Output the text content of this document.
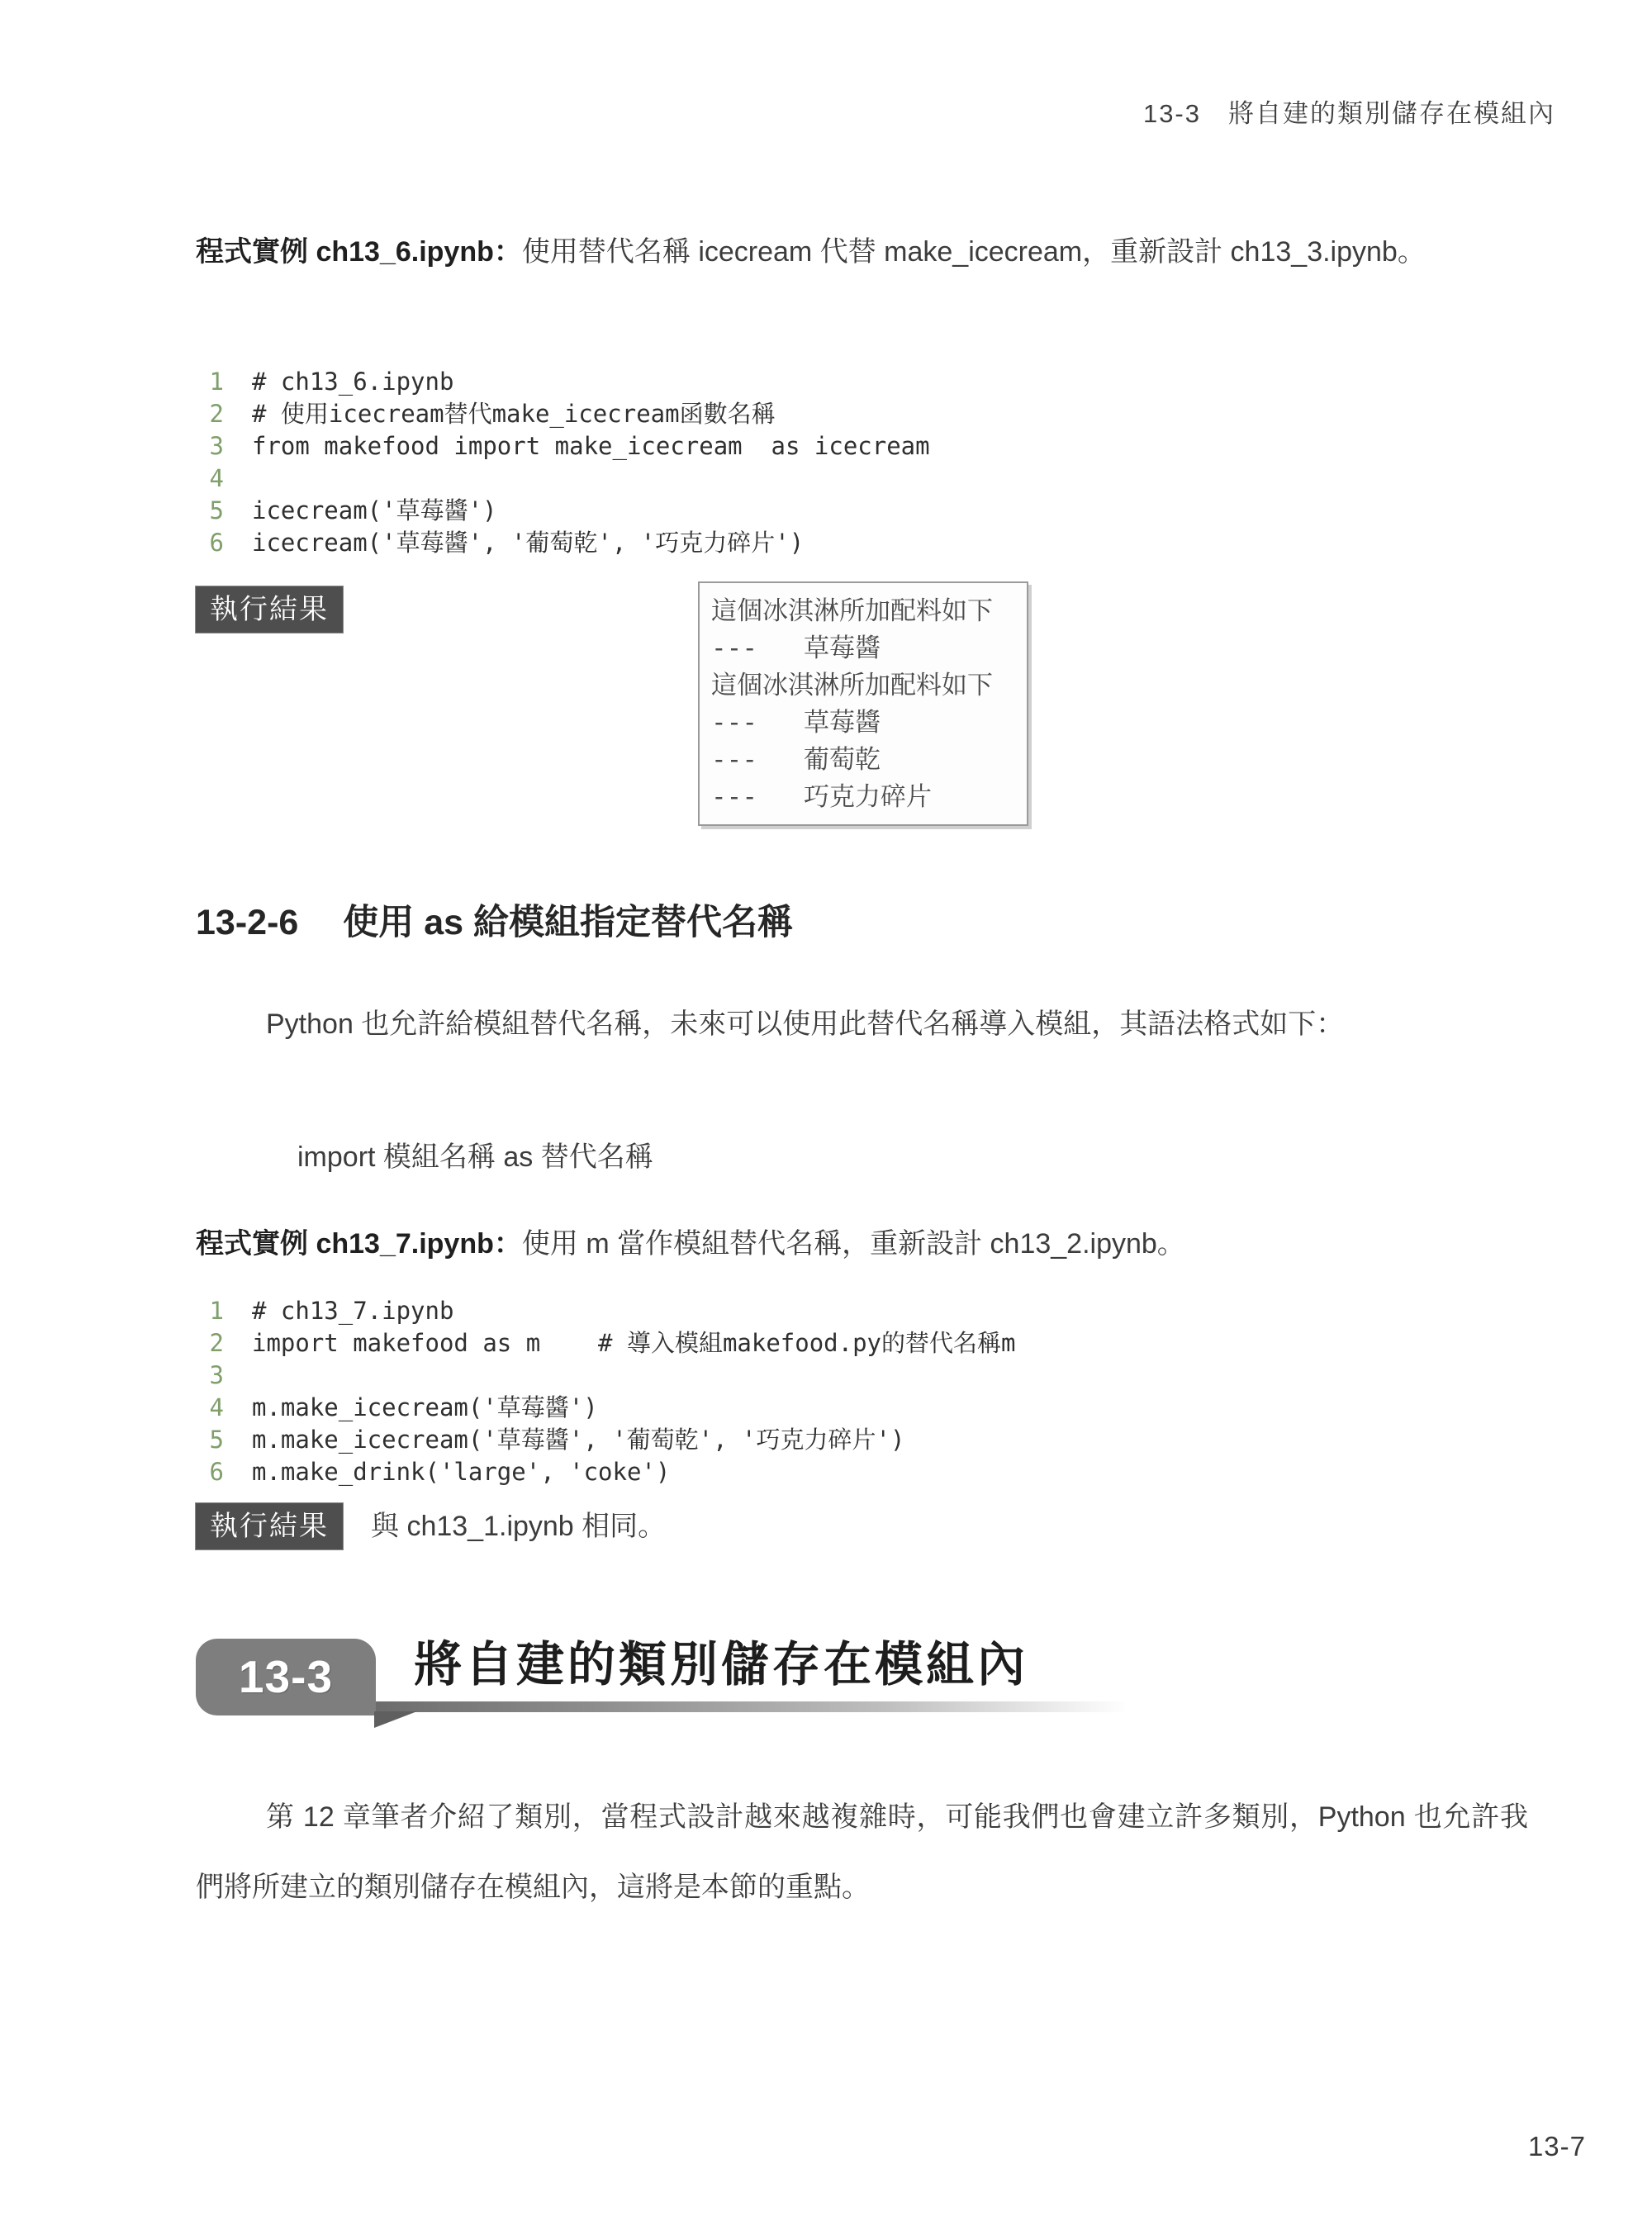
13-3　將自建的類別儲存在模組內
程式實例 ch13_6.ipynb：使用替代名稱 icecream 代替 make_icecream，重新設計 ch13_3.ipynb。
1 # ch13_6.ipynb
2 # 使用icecream替代make_icecream函數名稱
3 from makefood import make_icecream  as icecream
4
5 icecream('草莓醬')
6 icecream('草莓醬', '葡萄乾', '巧克力碎片')
執行結果	這個冰淇淋所加配料如下
---   草莓醬
這個冰淇淋所加配料如下
---   草莓醬
---   葡萄乾
---   巧克力碎片
13-2-6 使用 as 給模組指定替代名稱
Python 也允許給模組替代名稱，未來可以使用此替代名稱導入模組，其語法格式如下：
import 模組名稱 as 替代名稱
程式實例 ch13_7.ipynb：使用 m 當作模組替代名稱，重新設計 ch13_2.ipynb。
1 # ch13_7.ipynb
2 import makefood as m    # 導入模組makefood.py的替代名稱m
3
4 m.make_icecream('草莓醬')
5 m.make_icecream('草莓醬', '葡萄乾', '巧克力碎片')
6 m.make_drink('large', 'coke')
執行結果	與 ch13_1.ipynb 相同。
13-3	將自建的類別儲存在模組內
第 12 章筆者介紹了類別，當程式設計越來越複雜時，可能我們也會建立許多類別，Python 也允許我們將所建立的類別儲存在模組內，這將是本節的重點。
13-7
